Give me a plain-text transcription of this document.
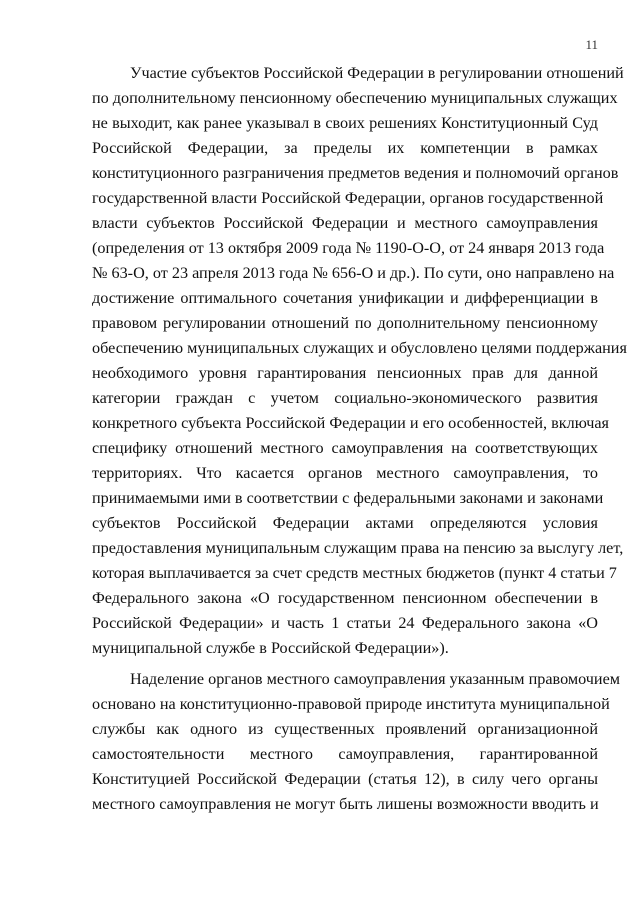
11
Участие субъектов Российской Федерации в регулировании отношений
по дополнительному пенсионному обеспечению муниципальных служащих
не выходит, как ранее указывал в своих решениях Конституционный Суд
Российской Федерации, за пределы их компетенции в рамках
конституционного разграничения предметов ведения и полномочий органов
государственной власти Российской Федерации, органов государственной
власти субъектов Российской Федерации и местного самоуправления
(определения от 13 октября 2009 года № 1190-О-О, от 24 января 2013 года
№ 63-О, от 23 апреля 2013 года № 656-О и др.). По сути, оно направлено на
достижение оптимального сочетания унификации и дифференциации в
правовом регулировании отношений по дополнительному пенсионному
обеспечению муниципальных служащих и обусловлено целями поддержания
необходимого уровня гарантирования пенсионных прав для данной
категории граждан с учетом социально-экономического развития
конкретного субъекта Российской Федерации и его особенностей, включая
специфику отношений местного самоуправления на соответствующих
территориях. Что касается органов местного самоуправления, то
принимаемыми ими в соответствии с федеральными законами и законами
субъектов Российской Федерации актами определяются условия
предоставления муниципальным служащим права на пенсию за выслугу лет,
которая выплачивается за счет средств местных бюджетов (пункт 4 статьи 7
Федерального закона «О государственном пенсионном обеспечении в
Российской Федерации» и часть 1 статьи 24 Федерального закона «О
муниципальной службе в Российской Федерации»).
Наделение органов местного самоуправления указанным правомочием
основано на конституционно-правовой природе института муниципальной
службы как одного из существенных проявлений организационной
самостоятельности местного самоуправления, гарантированной
Конституцией Российской Федерации (статья 12), в силу чего органы
местного самоуправления не могут быть лишены возможности вводить и
